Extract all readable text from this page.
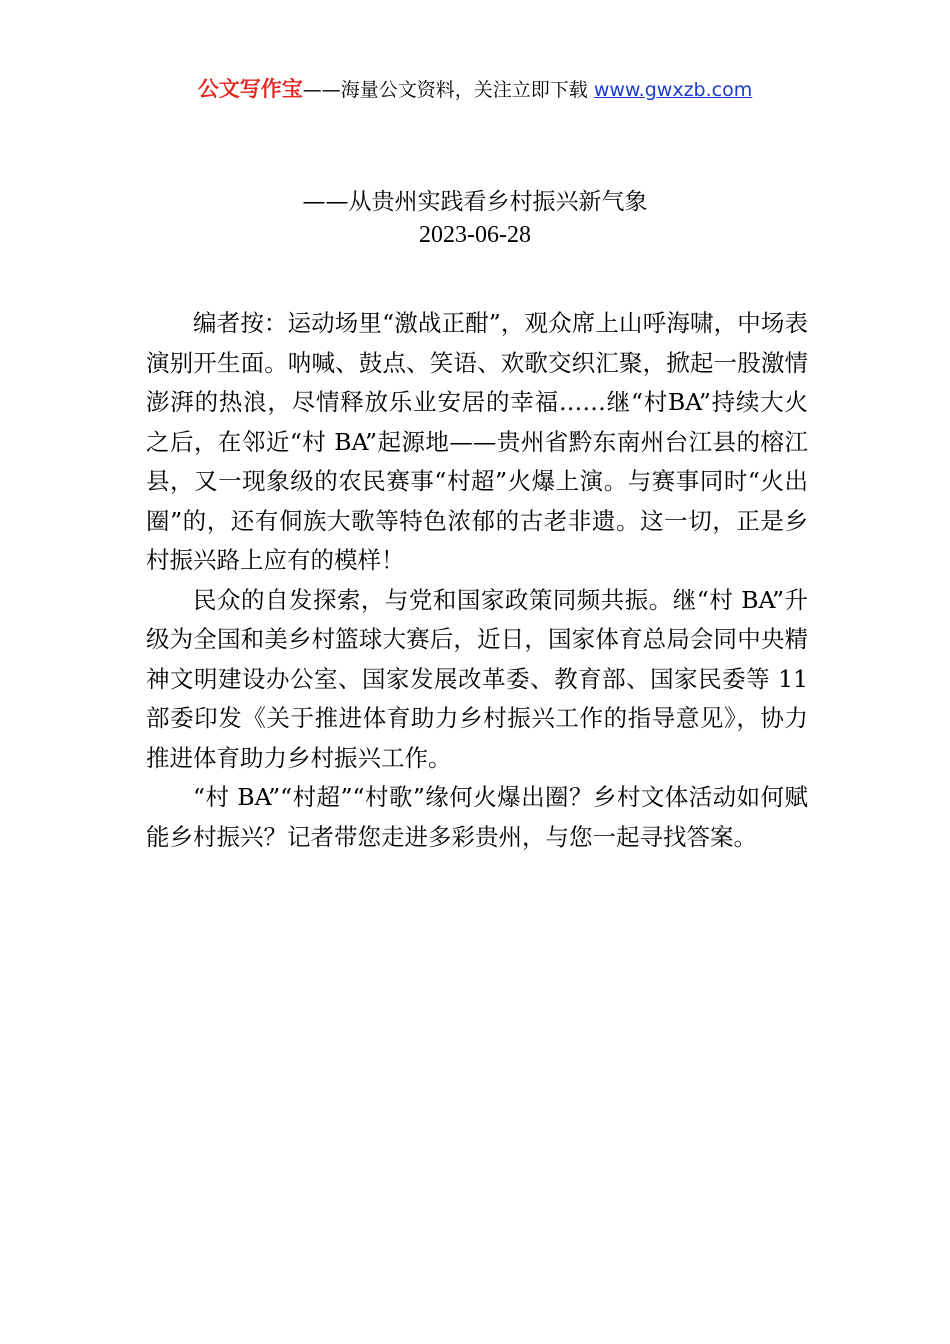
公文写作宝——海量公文资料，关注立即下载 www.gwxzb.com
——从贵州实践看乡村振兴新气象
2023-06-28

编者按：运动场里“激战正酣”，观众席上山呼海啸，中场表演别开生面。呐喊、鼓点、笑语、欢歌交织汇聚，掀起一股激情澎湃的热浪，尽情释放乐业安居的幸福……继“村BA”持续大火之后，在邻近“村 BA”起源地——贵州省黔东南州台江县的榕江县，又一现象级的农民赛事“村超”火爆上演。与赛事同时“火出圈”的，还有侗族大歌等特色浓郁的古老非遗。这一切，正是乡村振兴路上应有的模样！

民众的自发探索，与党和国家政策同频共振。继“村 BA”升级为全国和美乡村篮球大赛后，近日，国家体育总局会同中央精神文明建设办公室、国家发展改革委、教育部、国家民委等 11 部委印发《关于推进体育助力乡村振兴工作的指导意见》，协力推进体育助力乡村振兴工作。

“村 BA”“村超”“村歌”缘何火爆出圈？乡村文体活动如何赋能乡村振兴？记者带您走进多彩贵州，与您一起寻找答案。
